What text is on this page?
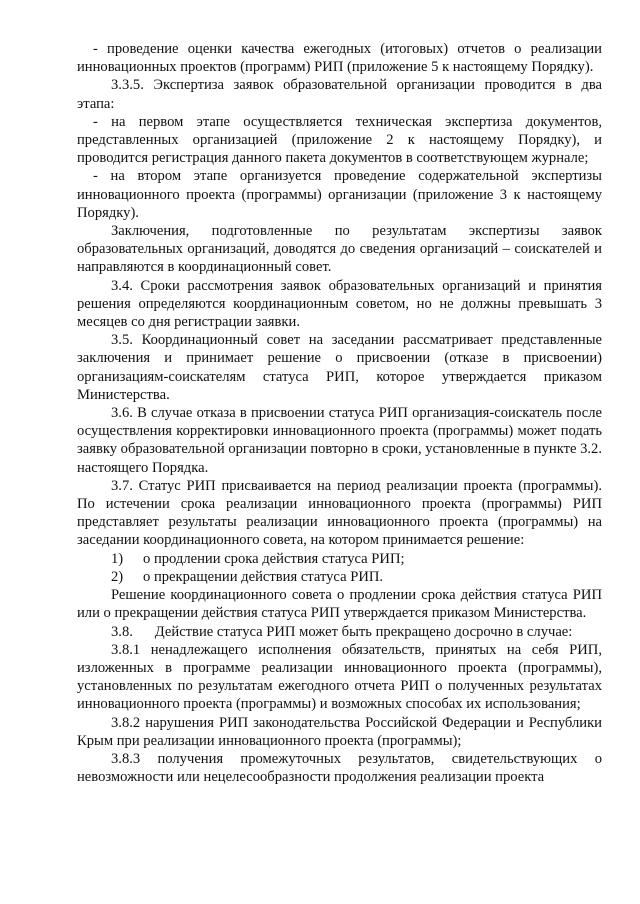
- проведение оценки качества ежегодных (итоговых) отчетов о реализации инновационных проектов (программ) РИП (приложение 5 к настоящему Порядку).

3.3.5. Экспертиза заявок образовательной организации проводится в два этапа:

- на первом этапе осуществляется техническая экспертиза документов, представленных организацией (приложение 2 к настоящему Порядку), и проводится регистрация данного пакета документов в соответствующем журнале;

- на втором этапе организуется проведение содержательной экспертизы инновационного проекта (программы) организации (приложение 3 к настоящему Порядку).

Заключения, подготовленные по результатам экспертизы заявок образовательных организаций, доводятся до сведения организаций – соискателей и направляются в координационный совет.

3.4. Сроки рассмотрения заявок образовательных организаций и принятия решения определяются координационным советом, но не должны превышать 3 месяцев со дня регистрации заявки.

3.5. Координационный совет на заседании рассматривает представленные заключения и принимает решение о присвоении (отказе в присвоении) организациям-соискателям статуса РИП, которое утверждается приказом Министерства.

3.6. В случае отказа в присвоении статуса РИП организация-соискатель после осуществления корректировки инновационного проекта (программы) может подать заявку образовательной организации повторно в сроки, установленные в пункте 3.2. настоящего Порядка.

3.7. Статус РИП присваивается на период реализации проекта (программы). По истечении срока реализации инновационного проекта (программы) РИП представляет результаты реализации инновационного проекта (программы) на заседании координационного совета, на котором принимается решение:

1)	о продлении срока действия статуса РИП;
2)	о прекращении действия статуса РИП.

Решение координационного совета о продлении срока действия статуса РИП или о прекращении действия статуса РИП утверждается приказом Министерства.

3.8.      Действие статуса РИП может быть прекращено досрочно в случае:

3.8.1 ненадлежащего исполнения обязательств, принятых на себя РИП, изложенных в программе реализации инновационного проекта (программы), установленных по результатам ежегодного отчета РИП о полученных результатах инновационного проекта (программы) и возможных способах их использования;

3.8.2 нарушения РИП законодательства Российской Федерации и Республики Крым при реализации инновационного проекта (программы);

3.8.3 получения промежуточных результатов, свидетельствующих о невозможности или нецелесообразности продолжения реализации проекта
